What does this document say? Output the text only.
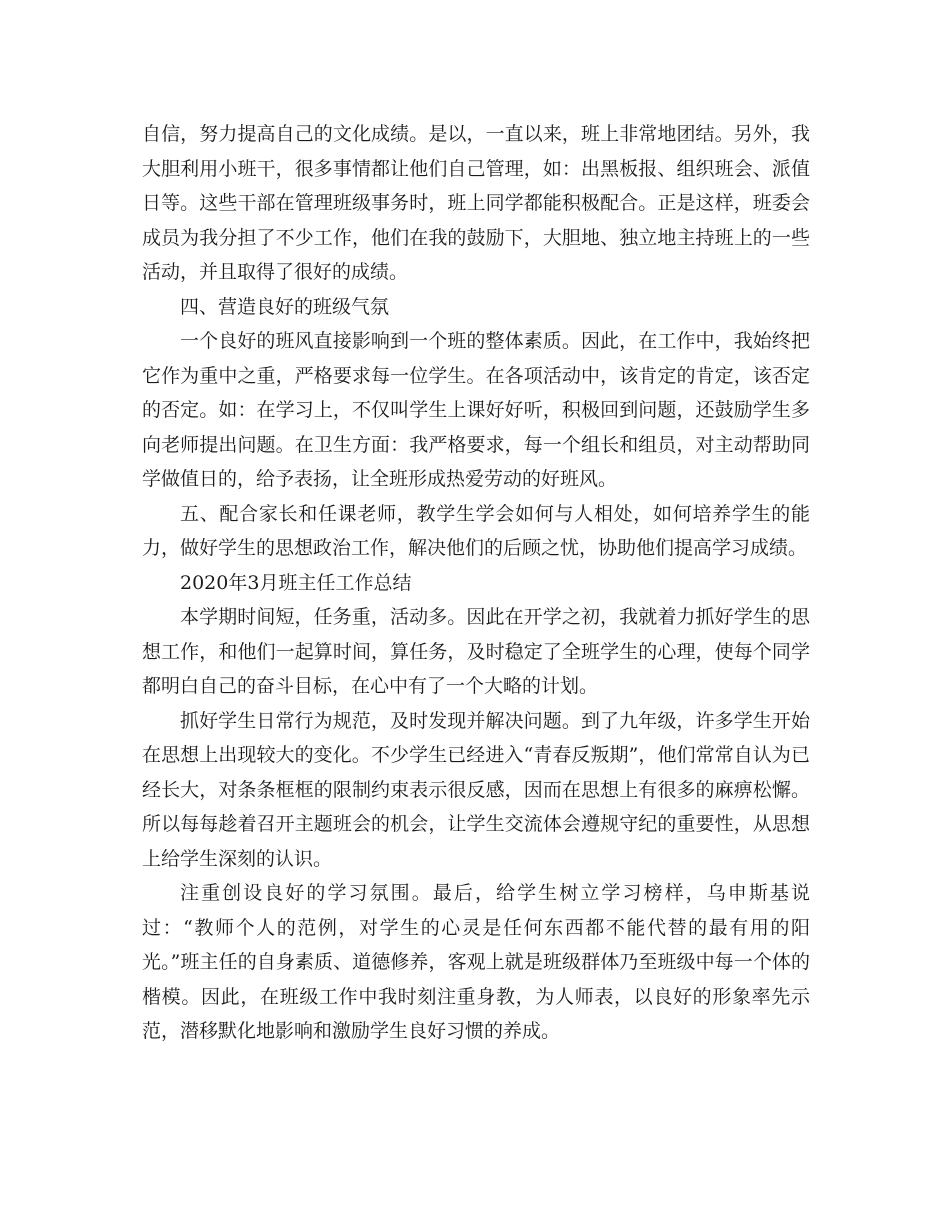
自信，努力提高自己的文化成绩。是以，一直以来，班上非常地团结。另外，我大胆利用小班干，很多事情都让他们自己管理，如：出黑板报、组织班会、派值日等。这些干部在管理班级事务时，班上同学都能积极配合。正是这样，班委会成员为我分担了不少工作，他们在我的鼓励下，大胆地、独立地主持班上的一些活动，并且取得了很好的成绩。

四、营造良好的班级气氛

一个良好的班风直接影响到一个班的整体素质。因此，在工作中，我始终把它作为重中之重，严格要求每一位学生。在各项活动中，该肯定的肯定，该否定的否定。如：在学习上，不仅叫学生上课好好听，积极回到问题，还鼓励学生多向老师提出问题。在卫生方面：我严格要求，每一个组长和组员，对主动帮助同学做值日的，给予表扬，让全班形成热爱劳动的好班风。

五、配合家长和任课老师，教学生学会如何与人相处，如何培养学生的能力，做好学生的思想政治工作，解决他们的后顾之忧，协助他们提高学习成绩。

2020年3月班主任工作总结

本学期时间短，任务重，活动多。因此在开学之初，我就着力抓好学生的思想工作，和他们一起算时间，算任务，及时稳定了全班学生的心理，使每个同学都明白自己的奋斗目标，在心中有了一个大略的计划。

抓好学生日常行为规范，及时发现并解决问题。到了九年级，许多学生开始在思想上出现较大的变化。不少学生已经进入“青春反叛期”，他们常常自认为已经长大，对条条框框的限制约束表示很反感，因而在思想上有很多的麻痹松懈。所以每每趁着召开主题班会的机会，让学生交流体会遵规守纪的重要性，从思想上给学生深刻的认识。

注重创设良好的学习氛围。最后，给学生树立学习榜样，乌申斯基说过：“教师个人的范例，对学生的心灵是任何东西都不能代替的最有用的阳光。”班主任的自身素质、道德修养，客观上就是班级群体乃至班级中每一个体的楷模。因此，在班级工作中我时刻注重身教，为人师表，以良好的形象率先示范，潜移默化地影响和激励学生良好习惯的养成。
